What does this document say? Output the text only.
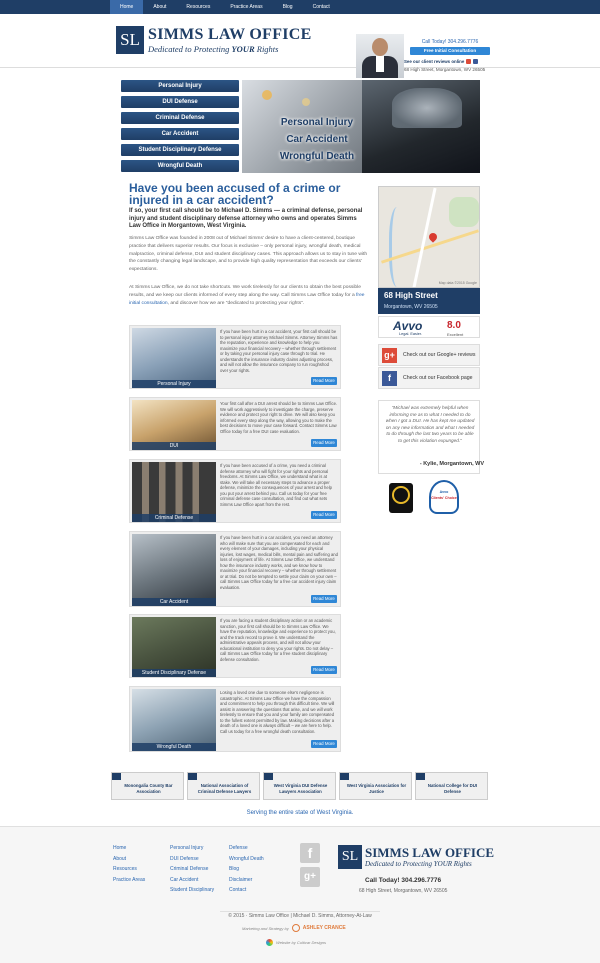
Home	About	Resources	Practice Areas	Blog	Contact
SL SIMMS LAW OFFICE
Dedicated to Protecting YOUR Rights
Call Today! 304.296.7776
Free Initial Consultation
See our client reviews online
68 High Street, Morgantown, WV 26505
Personal Injury
DUI Defense
Criminal Defense
Car Accident
Student Disciplinary Defense
Wrongful Death
Personal Injury
Car Accident
Wrongful Death
Have you been accused of a crime or injured in a car accident?
If so, your first call should be to Michael D. Simms — a criminal defense, personal injury and student disciplinary defense attorney who owns and operates Simms Law Office in Morgantown, West Virginia.
Simms Law Office was founded in 2008 out of Michael Simms' desire to have a client-centered, boutique practice that delivers superior results. Our focus is exclusive – only personal injury, wrongful death, medical malpractice, criminal defense, DUI and student disciplinary cases. This approach allows us to stay in tune with the constantly changing legal landscape, and to provide high quality representation that exceeds our clients' expectations.
At Simms Law Office, we do not take shortcuts. We work tirelessly for our clients to obtain the best possible results, and we keep our clients informed of every step along the way. Call Simms Law Office today for a free initial consultation, and discover how we are "dedicated to protecting your rights".
Personal Injury
If you have been hurt in a car accident, your first call should be to personal injury attorney Michael Simms. Attorney Simms has the reputation, experience and knowledge to help you maximize your financial recovery – whether through settlement or by taking your personal injury case through to trial. He understands the insurance industry claims adjusting process, and will not allow the insurance company to run roughshod over your rights.
Read More
DUI
Your first call after a DUI arrest should be to Simms Law Office. We will work aggressively to investigate the charge, preserve evidence and protect your right to drive. We will also keep you informed every step along the way, allowing you to make the best decisions to move your case forward. Contact Simms Law Office today for a free DUI case evaluation.
Read More
Criminal Defense
If you have been accused of a crime, you need a criminal defense attorney who will fight for your rights and personal freedoms. At Simms Law Office, we understand what is at stake. We will take all necessary steps to advance a proper defense, minimize the consequences of your arrest and help you put your arrest behind you. Call us today for your free criminal defense case consultation, and find out what sets Simms Law Office apart from the rest.
Read More
Car Accident
If you have been hurt in a car accident, you need an attorney who will make sure that you are compensated for each and every element of your damages, including your physical injuries, lost wages, medical bills, mental pain and suffering and loss of enjoyment of life. At Simms Law Office, we understand how the insurance industry works, and we know how to maximize your financial recovery – whether through settlement or at trial. Do not be tempted to settle your claim on your own – call Simms Law Office today for a free car accident injury claim evaluation.
Read More
Student Disciplinary Defense
If you are facing a student disciplinary action or an academic sanction, your first call should be to Simms Law Office. We have the reputation, knowledge and experience to protect you, and the track record to prove it. We understand the administrative appeals process, and will not allow your educational institution to deny you your rights. Do not delay – call Simms Law Office today for a free student disciplinary defense consultation.
Read More
Wrongful Death
Losing a loved one due to someone else's negligence is catastrophic. At Simms Law Office we have the compassion and commitment to help you through this difficult time. We will assist in answering the questions that arise, and we will work tirelessly to ensure that you and your family are compensated to the fullest extent permitted by law. Making decisions after a death of a loved one is always difficult – we are here to help. Call us today for a free wrongful death consultation.
Read More
Map data ©2015 Google
68 High Street
Morgantown, WV 26505
Avvo
Legal. Easier.
8.0
Excellent
g+	Check out our Google+ reviews
f	Check out our Facebook page
"Michael was extremely helpful when informing me as to what I needed to do when I got a DUI. He has kept me updated on any new information and what I needed to do through the last two years to be able to get this violation expunged."
- Kylie, Morgantown, WV
Avvo
Clients' Choice
Monongalia County Bar Association
National Association of Criminal Defense Lawyers
West Virginia DUI Defense Lawyers Association
West Virginia Association for Justice
National College for DUI Defense
Serving the entire state of West Virginia.
Home
About
Resources
Practice Areas
Personal Injury
DUI Defense
Criminal Defense
Car Accident
Student Disciplinary
Defense
Wrongful Death
Blog
Disclaimer
Contact
f
g+
SL SIMMS LAW OFFICE
Dedicated to Protecting YOUR Rights
Call Today! 304.296.7776
68 High Street, Morgantown, WV 26505
© 2015 · Simms Law Office | Michael D. Simms, Attorney-At-Law
Marketing and Strategy by	ASHLEY CRANCE
Website by Cultivar Designs
